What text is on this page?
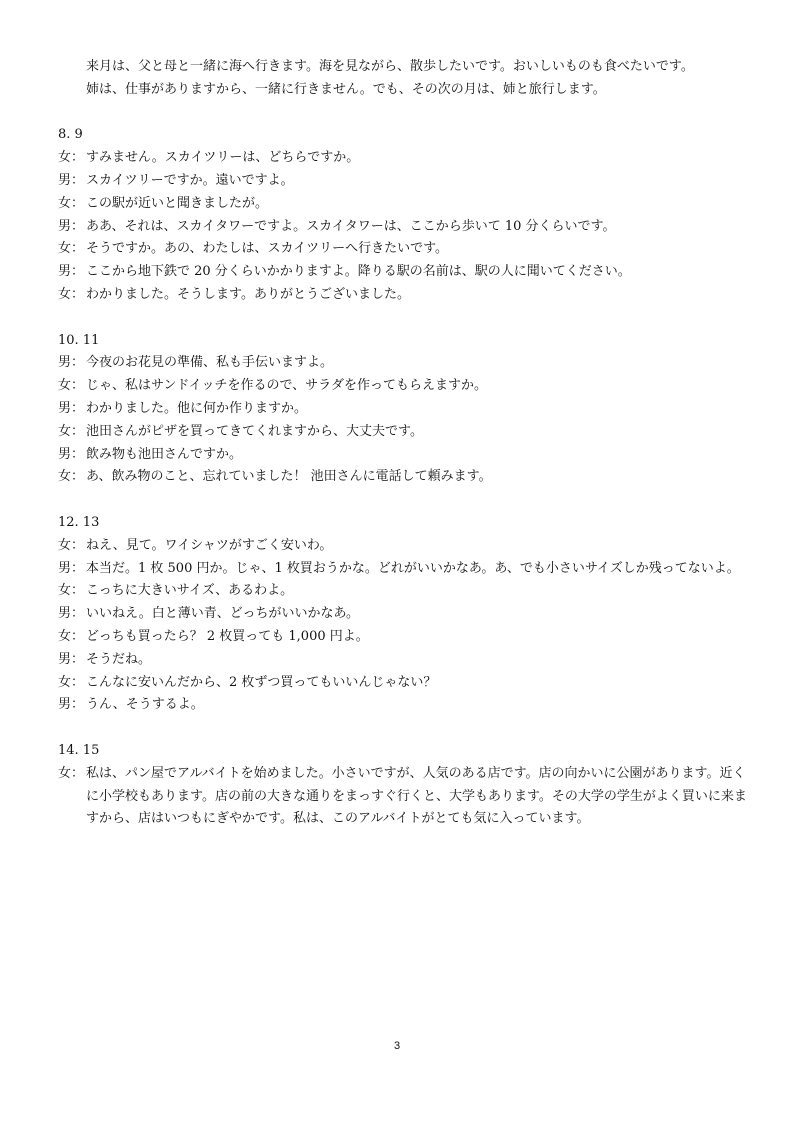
来月は、父と母と一緒に海へ行きます。海を見ながら、散歩したいです。おいしいものも食べたいです。
姉は、仕事がありますから、一緒に行きません。でも、その次の月は、姉と旅行します。
8. 9
女： すみません。スカイツリーは、どちらですか。
男： スカイツリーですか。遠いですよ。
女： この駅が近いと聞きましたが。
男： ああ、それは、スカイタワーですよ。スカイタワーは、ここから歩いて 10 分くらいです。
女： そうですか。あの、わたしは、スカイツリーへ行きたいです。
男： ここから地下鉄で 20 分くらいかかりますよ。降りる駅の名前は、駅の人に聞いてください。
女： わかりました。そうします。ありがとうございました。
10. 11
男： 今夜のお花見の準備、私も手伝いますよ。
女： じゃ、私はサンドイッチを作るので、サラダを作ってもらえますか。
男： わかりました。他に何か作りますか。
女： 池田さんがピザを買ってきてくれますから、大丈夫です。
男： 飲み物も池田さんですか。
女： あ、飲み物のこと、忘れていました！ 池田さんに電話して頼みます。
12. 13
女： ねえ、見て。ワイシャツがすごく安いわ。
男： 本当だ。1 枚 500 円か。じゃ、1 枚買おうかな。どれがいいかなあ。あ、でも小さいサイズしか残ってないよ。
女： こっちに大きいサイズ、あるわよ。
男： いいねえ。白と薄い青、どっちがいいかなあ。
女： どっちも買ったら？ 2 枚買っても 1,000 円よ。
男： そうだね。
女： こんなに安いんだから、2 枚ずつ買ってもいいんじゃない？
男： うん、そうするよ。
14. 15
女： 私は、パン屋でアルバイトを始めました。小さいですが、人気のある店です。店の向かいに公園があります。近くに小学校もあります。店の前の大きな通りをまっすぐ行くと、大学もあります。その大学の学生がよく買いに来ますから、店はいつもにぎやかです。私は、このアルバイトがとても気に入っています。
3
